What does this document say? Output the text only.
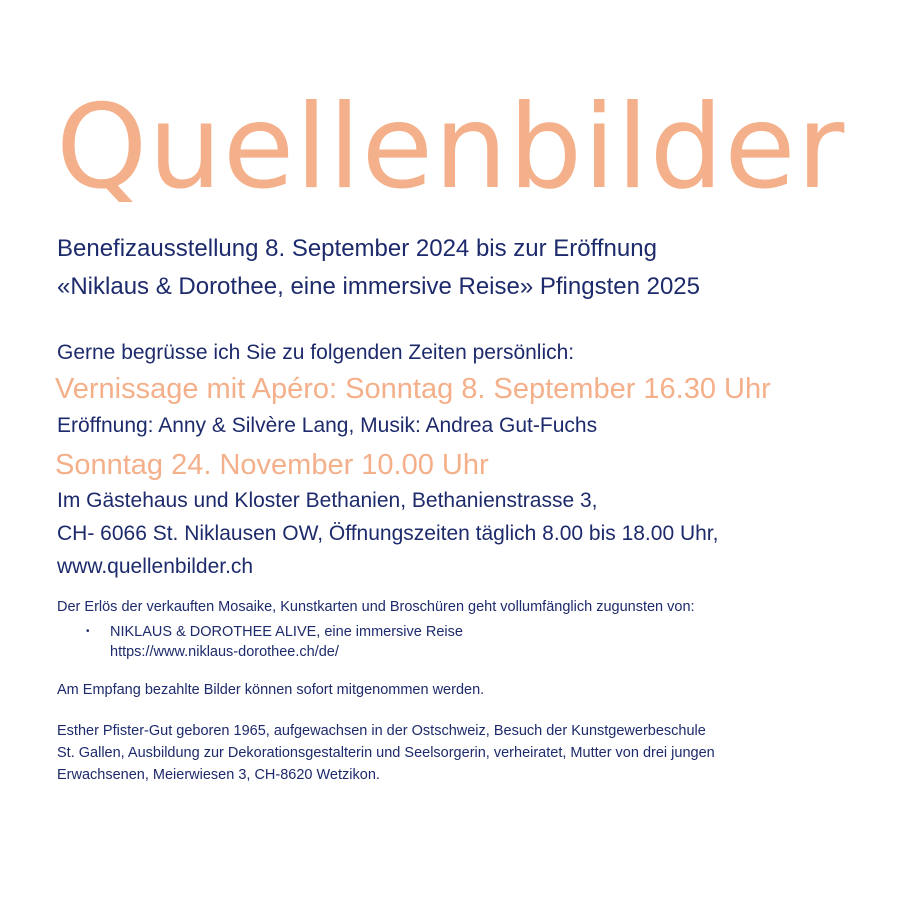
Quellenbilder
Benefizausstellung 8. September 2024 bis zur Eröffnung
«Niklaus & Dorothee, eine immersive Reise» Pfingsten 2025
Gerne begrüsse ich Sie zu folgenden Zeiten persönlich:
Vernissage mit Apéro: Sonntag 8. September 16.30 Uhr
Eröffnung: Anny & Silvère Lang, Musik: Andrea Gut-Fuchs
Sonntag 24. November 10.00 Uhr
Im Gästehaus und Kloster Bethanien, Bethanienstrasse 3,
CH- 6066 St. Niklausen OW, Öffnungszeiten täglich 8.00 bis 18.00 Uhr,
www.quellenbilder.ch
Der Erlös der verkauften Mosaike, Kunstkarten und Broschüren geht vollumfänglich zugunsten von:
•	NIKLAUS & DOROTHEE ALIVE, eine immersive Reise
https://www.niklaus-dorothee.ch/de/
Am Empfang bezahlte Bilder können sofort mitgenommen werden.
Esther Pfister-Gut geboren 1965, aufgewachsen in der Ostschweiz, Besuch der Kunstgewerbeschule
St. Gallen, Ausbildung zur Dekorationsgestalterin und Seelsorgerin, verheiratet, Mutter von drei jungen
Erwachsenen, Meierwiesen 3, CH-8620 Wetzikon.
